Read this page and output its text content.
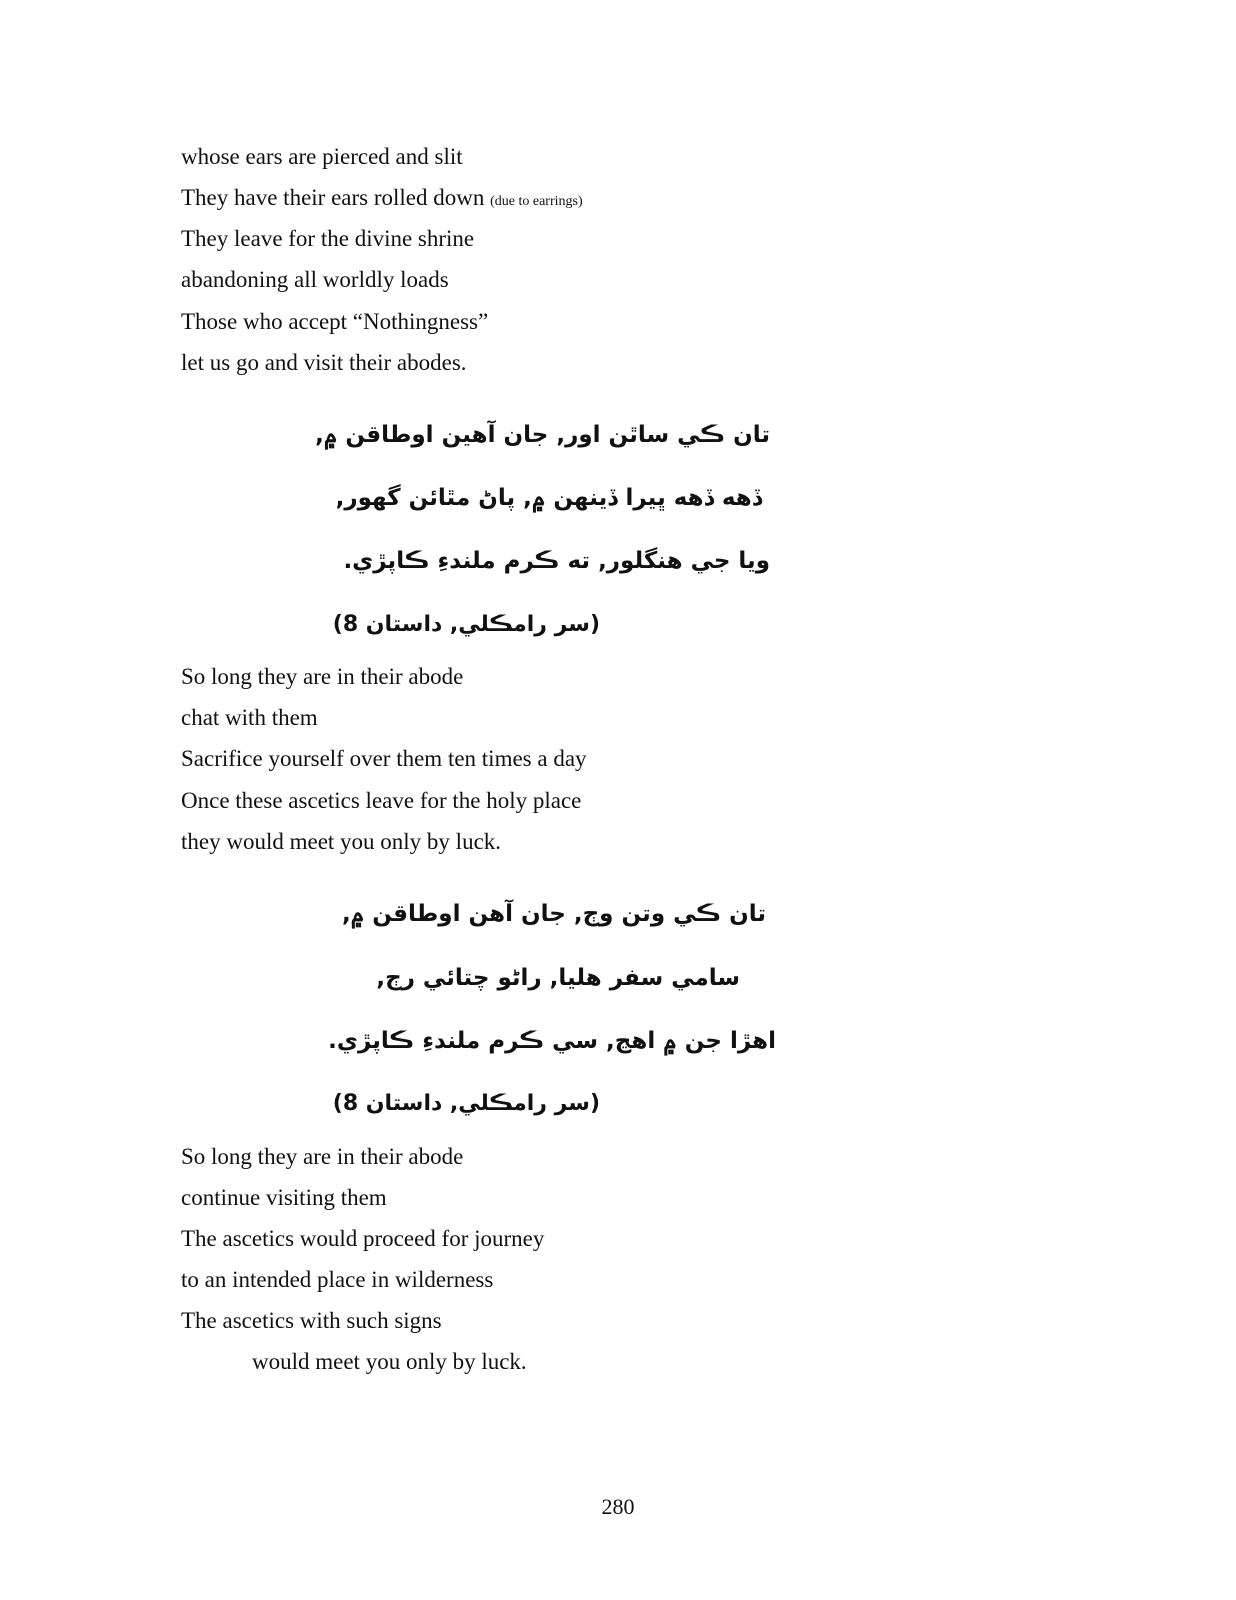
whose ears are pierced and slit
They have their ears rolled down (due to earrings)
They leave for the divine shrine
abandoning all worldly loads
Those who accept “Nothingness”
let us go and visit their abodes.
تان ڪي ساٿن اور, جان آهين اوطاقن ۾,
ڏهه ڏهه ڀيرا ڏينهن ۾, پاڻ مٿائن گهور,
ويا جي هنگلور, ته ڪرم ملندءِ ڪاپڙي.
(سر رامڪلي, داستان 8)
So long they are in their abode
chat with them
Sacrifice yourself over them ten times a day
Once these ascetics leave for the holy place
they would meet you only by luck.
تان ڪي وتن وڄ, جان آهن اوطاقن ۾,
سامي سفر هليا, راڻو چتائي رڄ,
اهڙا جن ۾ اهڃ, سي ڪرم ملندءِ ڪاپڙي.
(سر رامڪلي, داستان 8)
So long they are in their abode
continue visiting them
The ascetics would proceed for journey
to an intended place in wilderness
The ascetics with such signs
would meet you only by luck.
280
